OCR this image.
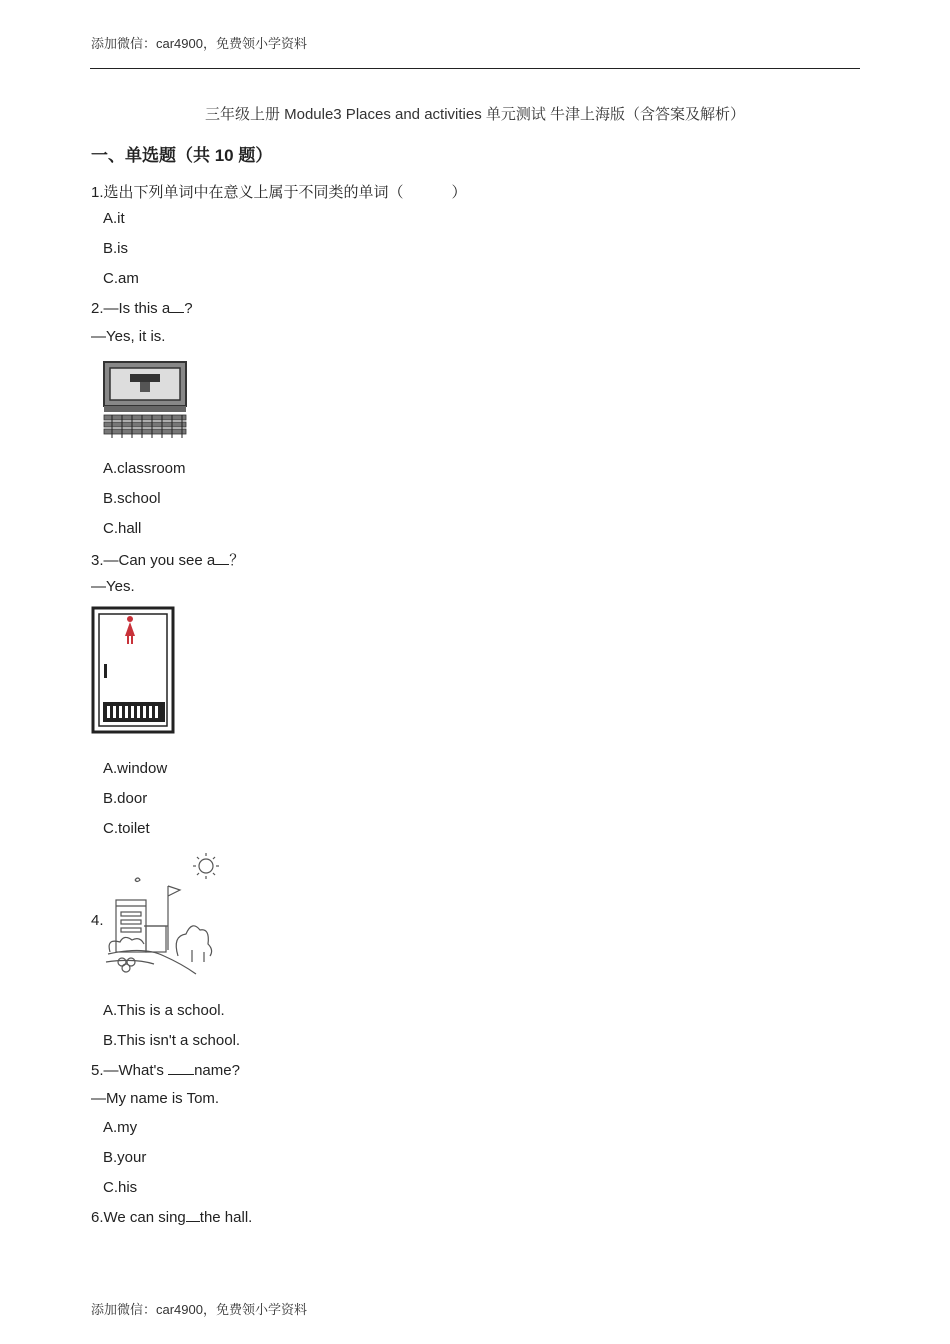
添加微信：car4900，免费领小学资料
三年级上册 Module3 Places and activities 单元测试 牛津上海版（含答案及解析）
一、单选题（共 10 题）
1.选出下列单词中在意义上属于不同类的单词（	）
A.it
B.is
C.am
2.—Is this a ?
—Yes, it is.
A.classroom
B.school
C.hall
3.—Can you see a ？
—Yes.
A.window
B.door
C.toilet
4.
A.This is a school.
B.This isn't a school.
5.—What's name?
—My name is Tom.
A.my
B.your
C.his
6.We can sing the hall.
添加微信：car4900，免费领小学资料
